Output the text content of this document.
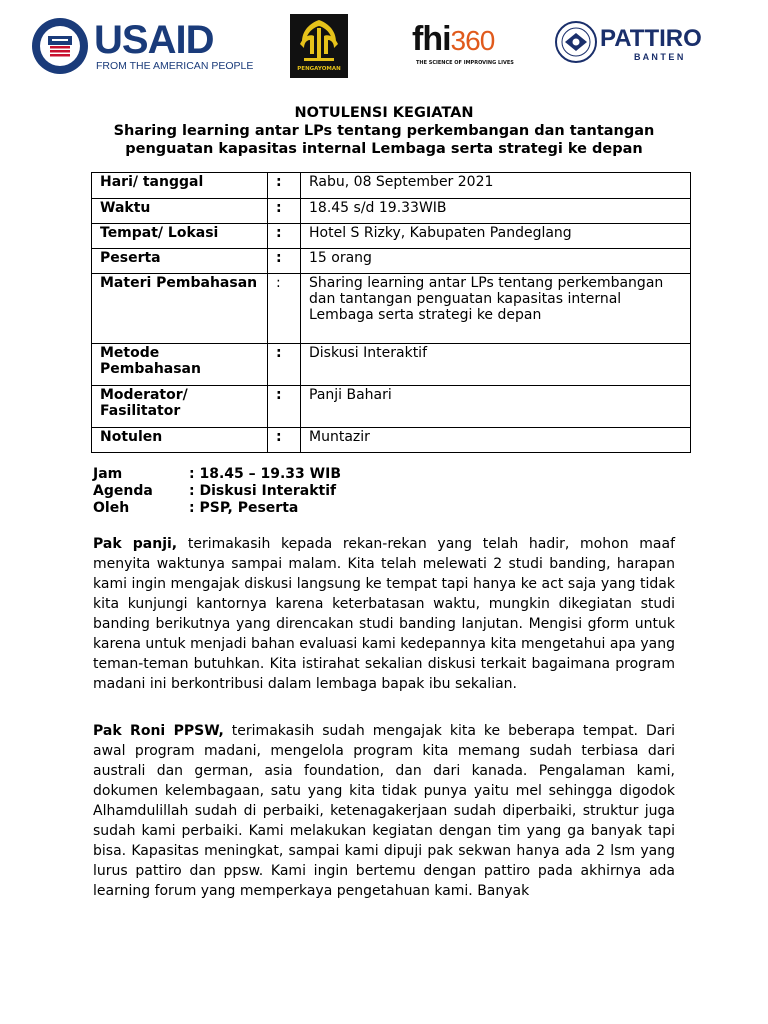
USAID
FROM THE AMERICAN PEOPLE	PENGAYOMAN
fhi360
THE SCIENCE OF IMPROVING LIVES
PATTIRO
B A N T E N
NOTULENSI KEGIATAN
Sharing learning antar LPs tentang perkembangan dan tantangan
penguatan kapasitas internal Lembaga serta strategi ke depan
Hari/ tanggal	:	Rabu, 08 September 2021
Waktu	:	18.45 s/d 19.33WIB
Tempat/ Lokasi	:	Hotel S Rizky, Kabupaten Pandeglang
Peserta	:	15 orang
Materi Pembahasan	:	Sharing learning antar LPs tentang perkembangan dan tantangan penguatan kapasitas internal Lembaga serta strategi ke depan
Metode Pembahasan	:	Diskusi Interaktif
Moderator/ Fasilitator	:	Panji Bahari
Notulen	:	Muntazir
Jam	: 18.45 – 19.33 WIB
Agenda	: Diskusi Interaktif
Oleh	: PSP, Peserta
Pak panji, terimakasih kepada rekan-rekan yang telah hadir, mohon maaf menyita waktunya sampai malam. Kita telah melewati 2 studi banding, harapan kami ingin mengajak diskusi langsung ke tempat tapi hanya ke act saja yang tidak kita kunjungi kantornya karena keterbatasan waktu, mungkin dikegiatan studi banding berikutnya yang direncakan studi banding lanjutan. Mengisi gform untuk karena untuk menjadi bahan evaluasi kami kedepannya kita mengetahui apa yang teman-teman butuhkan. Kita istirahat sekalian diskusi terkait bagaimana program madani ini berkontribusi dalam lembaga bapak ibu sekalian.
Pak Roni PPSW, terimakasih sudah mengajak kita ke beberapa tempat. Dari awal program madani, mengelola program kita memang sudah terbiasa dari australi dan german, asia foundation, dan dari kanada. Pengalaman kami, dokumen kelembagaan, satu yang kita tidak punya yaitu mel sehingga digodok Alhamdulillah sudah di perbaiki, ketenagakerjaan sudah diperbaiki, struktur juga sudah kami perbaiki. Kami melakukan kegiatan dengan tim yang ga banyak tapi bisa. Kapasitas meningkat, sampai kami dipuji pak sekwan hanya ada 2 lsm yang lurus pattiro dan ppsw. Kami ingin bertemu dengan pattiro pada akhirnya ada learning forum yang memperkaya pengetahuan kami. Banyak
